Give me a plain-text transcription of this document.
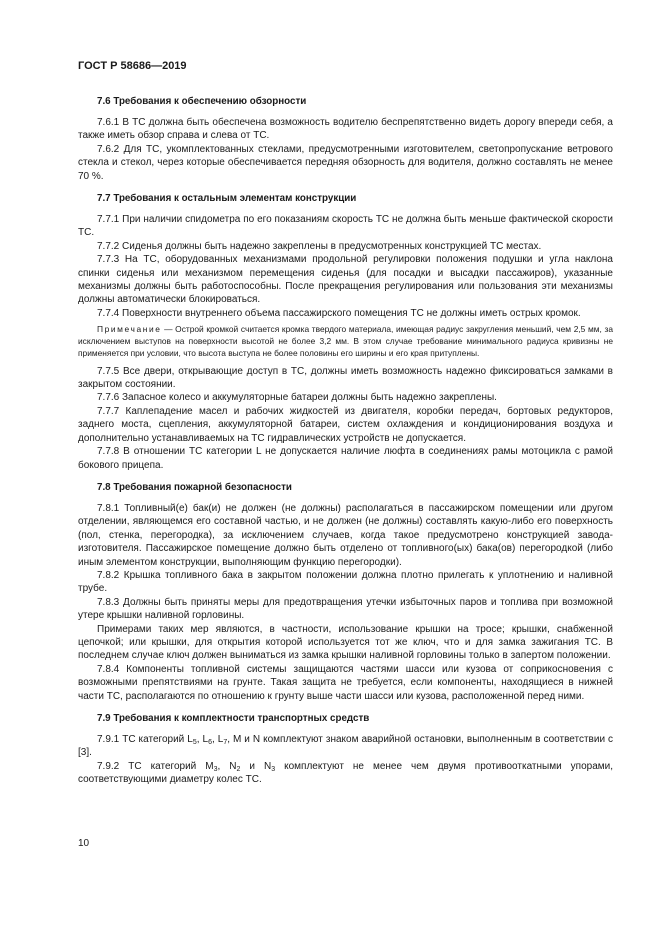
ГОСТ Р 58686—2019
7.6 Требования к обеспечению обзорности

7.6.1 В ТС должна быть обеспечена возможность водителю беспрепятственно видеть дорогу впереди себя, а также иметь обзор справа и слева от ТС.

7.6.2 Для ТС, укомплектованных стеклами, предусмотренными изготовителем, светопропускание ветрового стекла и стекол, через которые обеспечивается передняя обзорность для водителя, должно составлять не менее 70 %.

7.7 Требования к остальным элементам конструкции

7.7.1 При наличии спидометра по его показаниям скорость ТС не должна быть меньше фактической скорости ТС.

7.7.2 Сиденья должны быть надежно закреплены в предусмотренных конструкцией ТС местах.

7.7.3 На ТС, оборудованных механизмами продольной регулировки положения подушки и угла наклона спинки сиденья или механизмом перемещения сиденья (для посадки и высадки пассажиров), указанные механизмы должны быть работоспособны. После прекращения регулирования или пользования эти механизмы должны автоматически блокироваться.

7.7.4 Поверхности внутреннего объема пассажирского помещения ТС не должны иметь острых кромок.

Примечание — Острой кромкой считается кромка твердого материала, имеющая радиус закругления меньший, чем 2,5 мм, за исключением выступов на поверхности высотой не более 3,2 мм. В этом случае требование минимального радиуса кривизны не применяется при условии, что высота выступа не более половины его ширины и его края притуплены.

7.7.5 Все двери, открывающие доступ в ТС, должны иметь возможность надежно фиксироваться замками в закрытом состоянии.

7.7.6 Запасное колесо и аккумуляторные батареи должны быть надежно закреплены.

7.7.7 Каплепадение масел и рабочих жидкостей из двигателя, коробки передач, бортовых редукторов, заднего моста, сцепления, аккумуляторной батареи, систем охлаждения и кондиционирования воздуха и дополнительно устанавливаемых на ТС гидравлических устройств не допускается.

7.7.8 В отношении ТС категории L не допускается наличие люфта в соединениях рамы мотоцикла с рамой бокового прицепа.

7.8 Требования пожарной безопасности

7.8.1 Топливный(е) бак(и) не должен (не должны) располагаться в пассажирском помещении или другом отделении, являющемся его составной частью, и не должен (не должны) составлять какую-либо его поверхность (пол, стенка, перегородка), за исключением случаев, когда такое предусмотрено конструкцией завода-изготовителя. Пассажирское помещение должно быть отделено от топливного(ых) бака(ов) перегородкой (либо иным элементом конструкции, выполняющим функцию перегородки).

7.8.2 Крышка топливного бака в закрытом положении должна плотно прилегать к уплотнению и наливной трубе.

7.8.3 Должны быть приняты меры для предотвращения утечки избыточных паров и топлива при возможной утере крышки наливной горловины.

Примерами таких мер являются, в частности, использование крышки на тросе; крышки, снабженной цепочкой; или крышки, для открытия которой используется тот же ключ, что и для замка зажигания ТС. В последнем случае ключ должен выниматься из замка крышки наливной горловины только в запертом положении.

7.8.4 Компоненты топливной системы защищаются частями шасси или кузова от соприкосновения с возможными препятствиями на грунте. Такая защита не требуется, если компоненты, находящиеся в нижней части ТС, располагаются по отношению к грунту выше части шасси или кузова, расположенной перед ними.

7.9 Требования к комплектности транспортных средств

7.9.1 ТС категорий $L_5$, $L_6$, $L_7$, M и N комплектуют знаком аварийной остановки, выполненным в соответствии с [3].

7.9.2 ТС категорий $M_3$, $N_2$ и $N_3$ комплектуют не менее чем двумя противооткатными упорами, соответствующими диаметру колес ТС.

10
